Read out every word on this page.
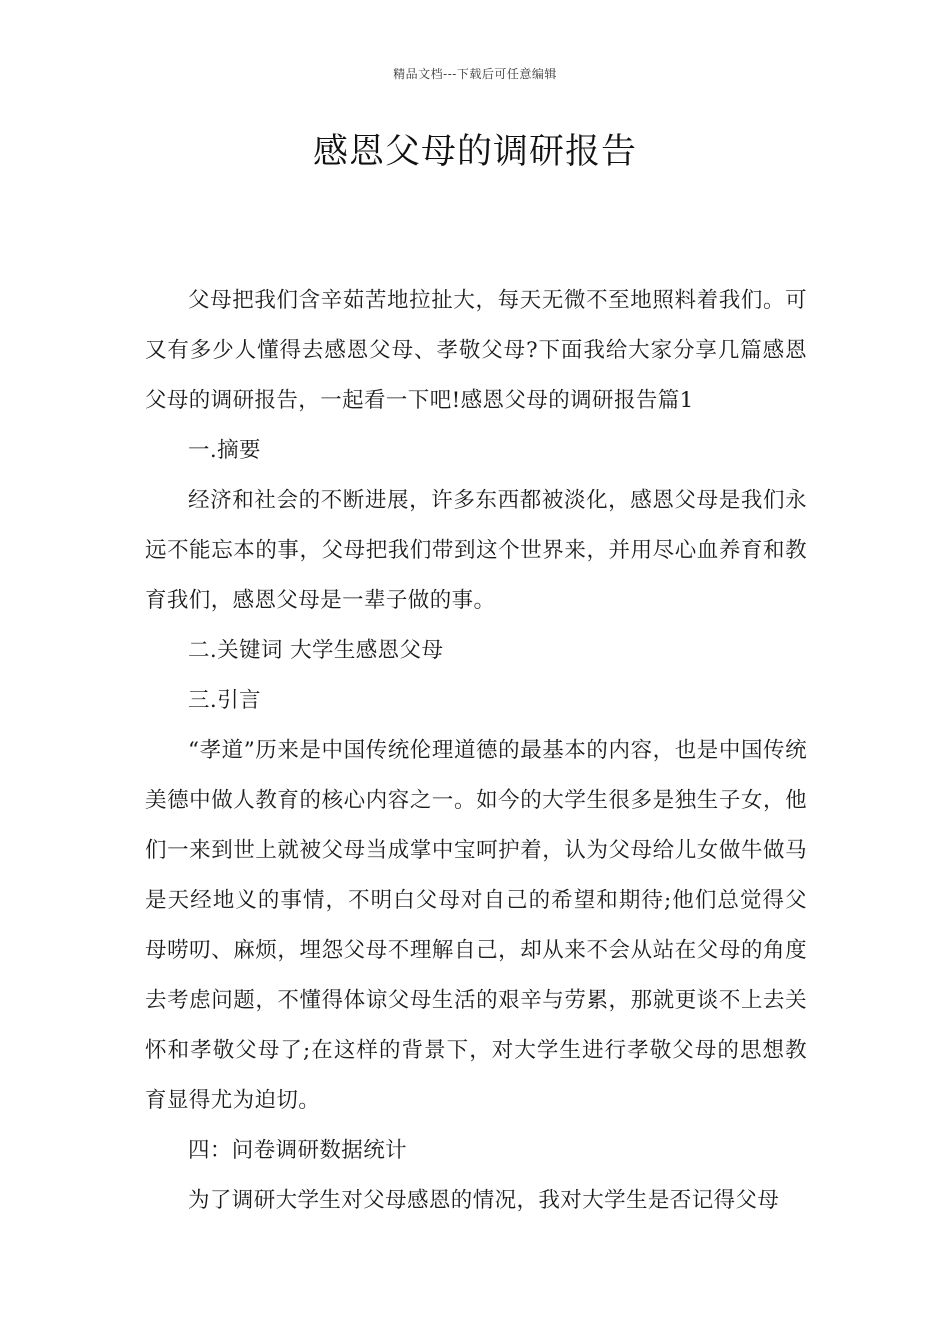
精品文档---下载后可任意编辑
感恩父母的调研报告

父母把我们含辛茹苦地拉扯大，每天无微不至地照料着我们。可又有多少人懂得去感恩父母、孝敬父母?下面我给大家分享几篇感恩父母的调研报告，一起看一下吧!感恩父母的调研报告篇1

一.摘要

经济和社会的不断进展，许多东西都被淡化，感恩父母是我们永远不能忘本的事，父母把我们带到这个世界来，并用尽心血养育和教育我们，感恩父母是一辈子做的事。

二.关键词 大学生感恩父母

三.引言

“孝道”历来是中国传统伦理道德的最基本的内容，也是中国传统美德中做人教育的核心内容之一。如今的大学生很多是独生子女，他们一来到世上就被父母当成掌中宝呵护着，认为父母给儿女做牛做马是天经地义的事情，不明白父母对自己的希望和期待;他们总觉得父母唠叨、麻烦，埋怨父母不理解自己，却从来不会从站在父母的角度去考虑问题，不懂得体谅父母生活的艰辛与劳累，那就更谈不上去关怀和孝敬父母了;在这样的背景下，对大学生进行孝敬父母的思想教育显得尤为迫切。

四：问卷调研数据统计

为了调研大学生对父母感恩的情况，我对大学生是否记得父母
